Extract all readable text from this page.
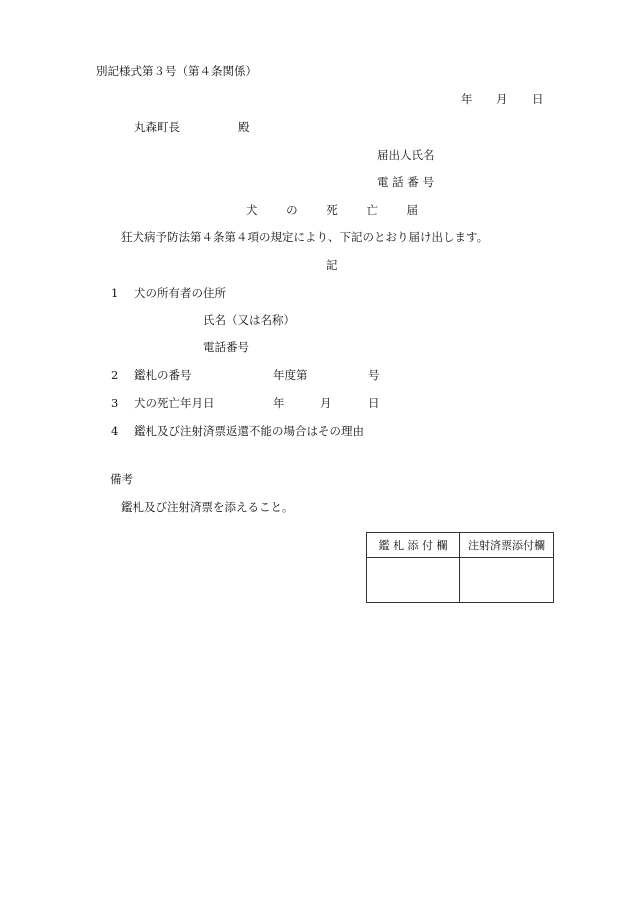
別記様式第３号（第４条関係）
年 月 日
丸森町長	殿
届出人氏名
電 話 番 号
犬 の 死 亡 届
狂犬病予防法第４条第４項の規定により、下記のとおり届け出します。
記
1 犬の所有者の住所
氏名（又は名称）
電話番号
2 鑑札の番号	年度第	号
3 犬の死亡年月日	年	月	日
4 鑑札及び注射済票返還不能の場合はその理由
備考
鑑札及び注射済票を添えること。
鑑 札 添 付 欄	注射済票添付欄
